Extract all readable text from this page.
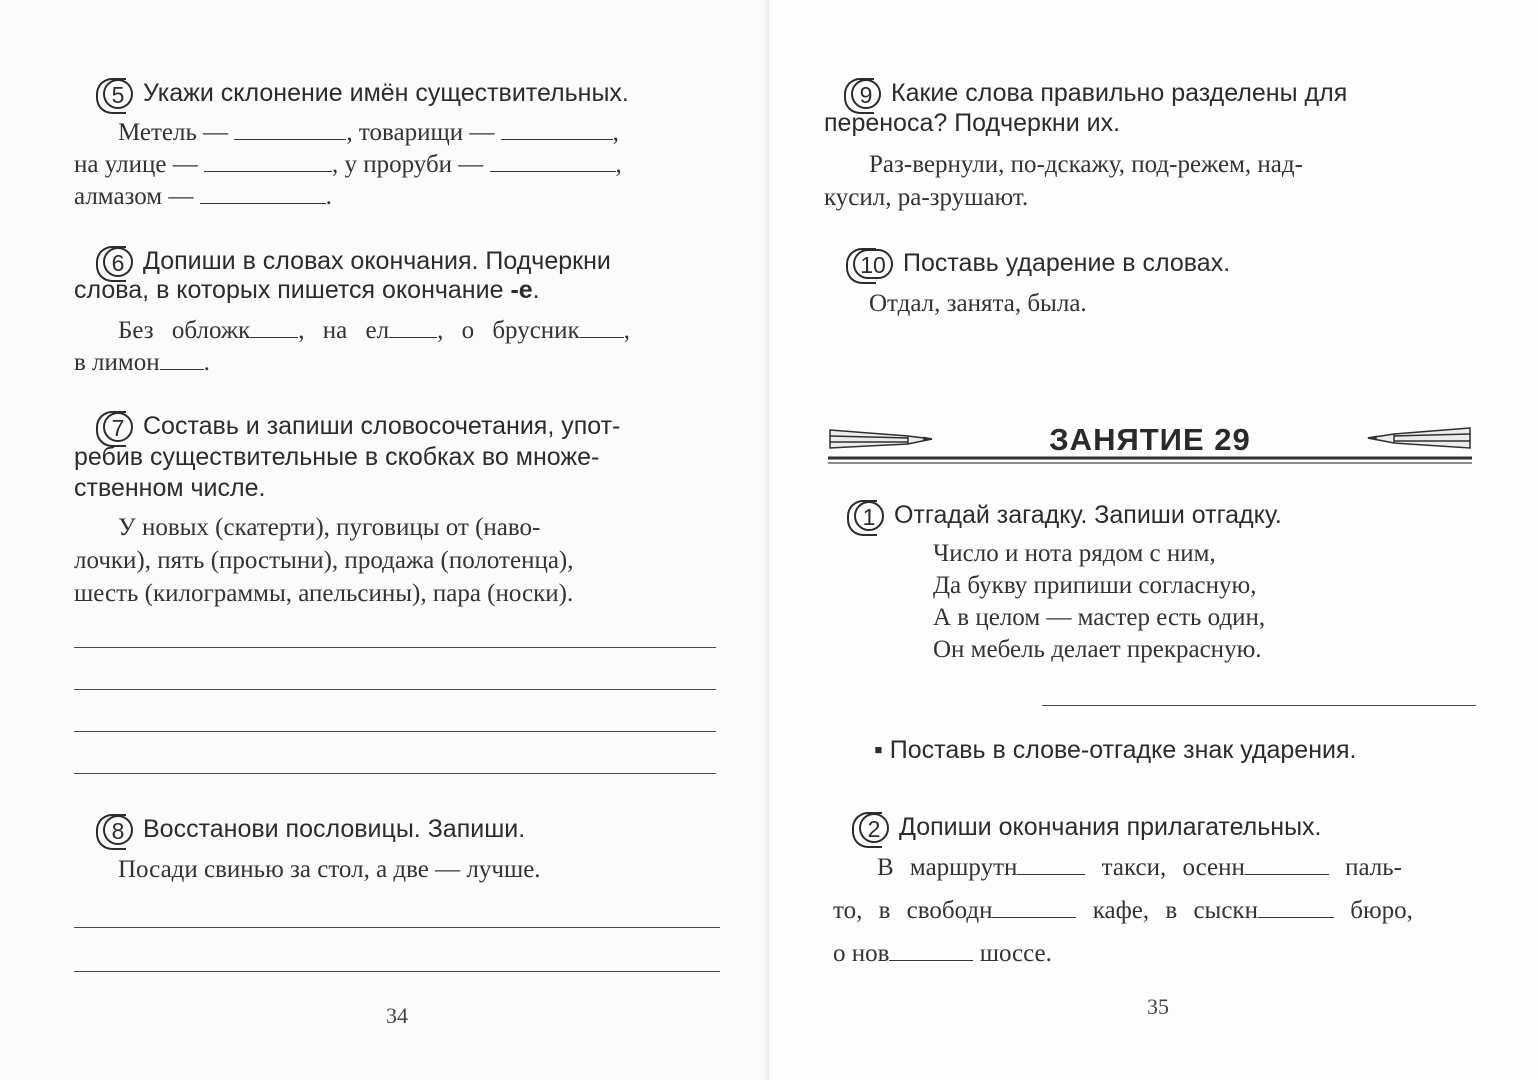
5 Укажи склонение имён существительных.
Метель —	, товарищи —	,
на улице —	, у проруби —	,
алмазом —	.
6 Допиши в словах окончания. Подчеркни
слова, в которых пишется окончание -е.
Без обложк , на ел , о брусник ,
в лимон .
7 Составь и запиши словосочетания, упот-
ребив существительные в скобках во множе-
ственном числе.
У новых (скатерти), пуговицы от (наво-
лочки), пять (простыни), продажа (полотенца),
шесть (килограммы, апельсины), пара (носки).
8 Восстанови пословицы. Запиши.
Посади свинью за стол, а две — лучше.
34
9 Какие слова правильно разделены для
переноса? Подчеркни их.
Раз-вернули, по-дскажу, под-режем, над-
кусил, ра-зрушают.
10 Поставь ударение в словах.
Отдал, занята, была.
1 Отгадай загадку. Запиши отгадку.
Число и нота рядом с ним,
Да букву припиши согласную,
А в целом — мастер есть один,
Он мебель делает прекрасную.
▪ Поставь в слове-отгадке знак ударения.
2 Допиши окончания прилагательных.
В маршрутн	такси, осенн	паль-
то, в свободн	кафе, в сыскн	бюро,
о нов	шоссе.
35
ЗАНЯТИЕ 29
